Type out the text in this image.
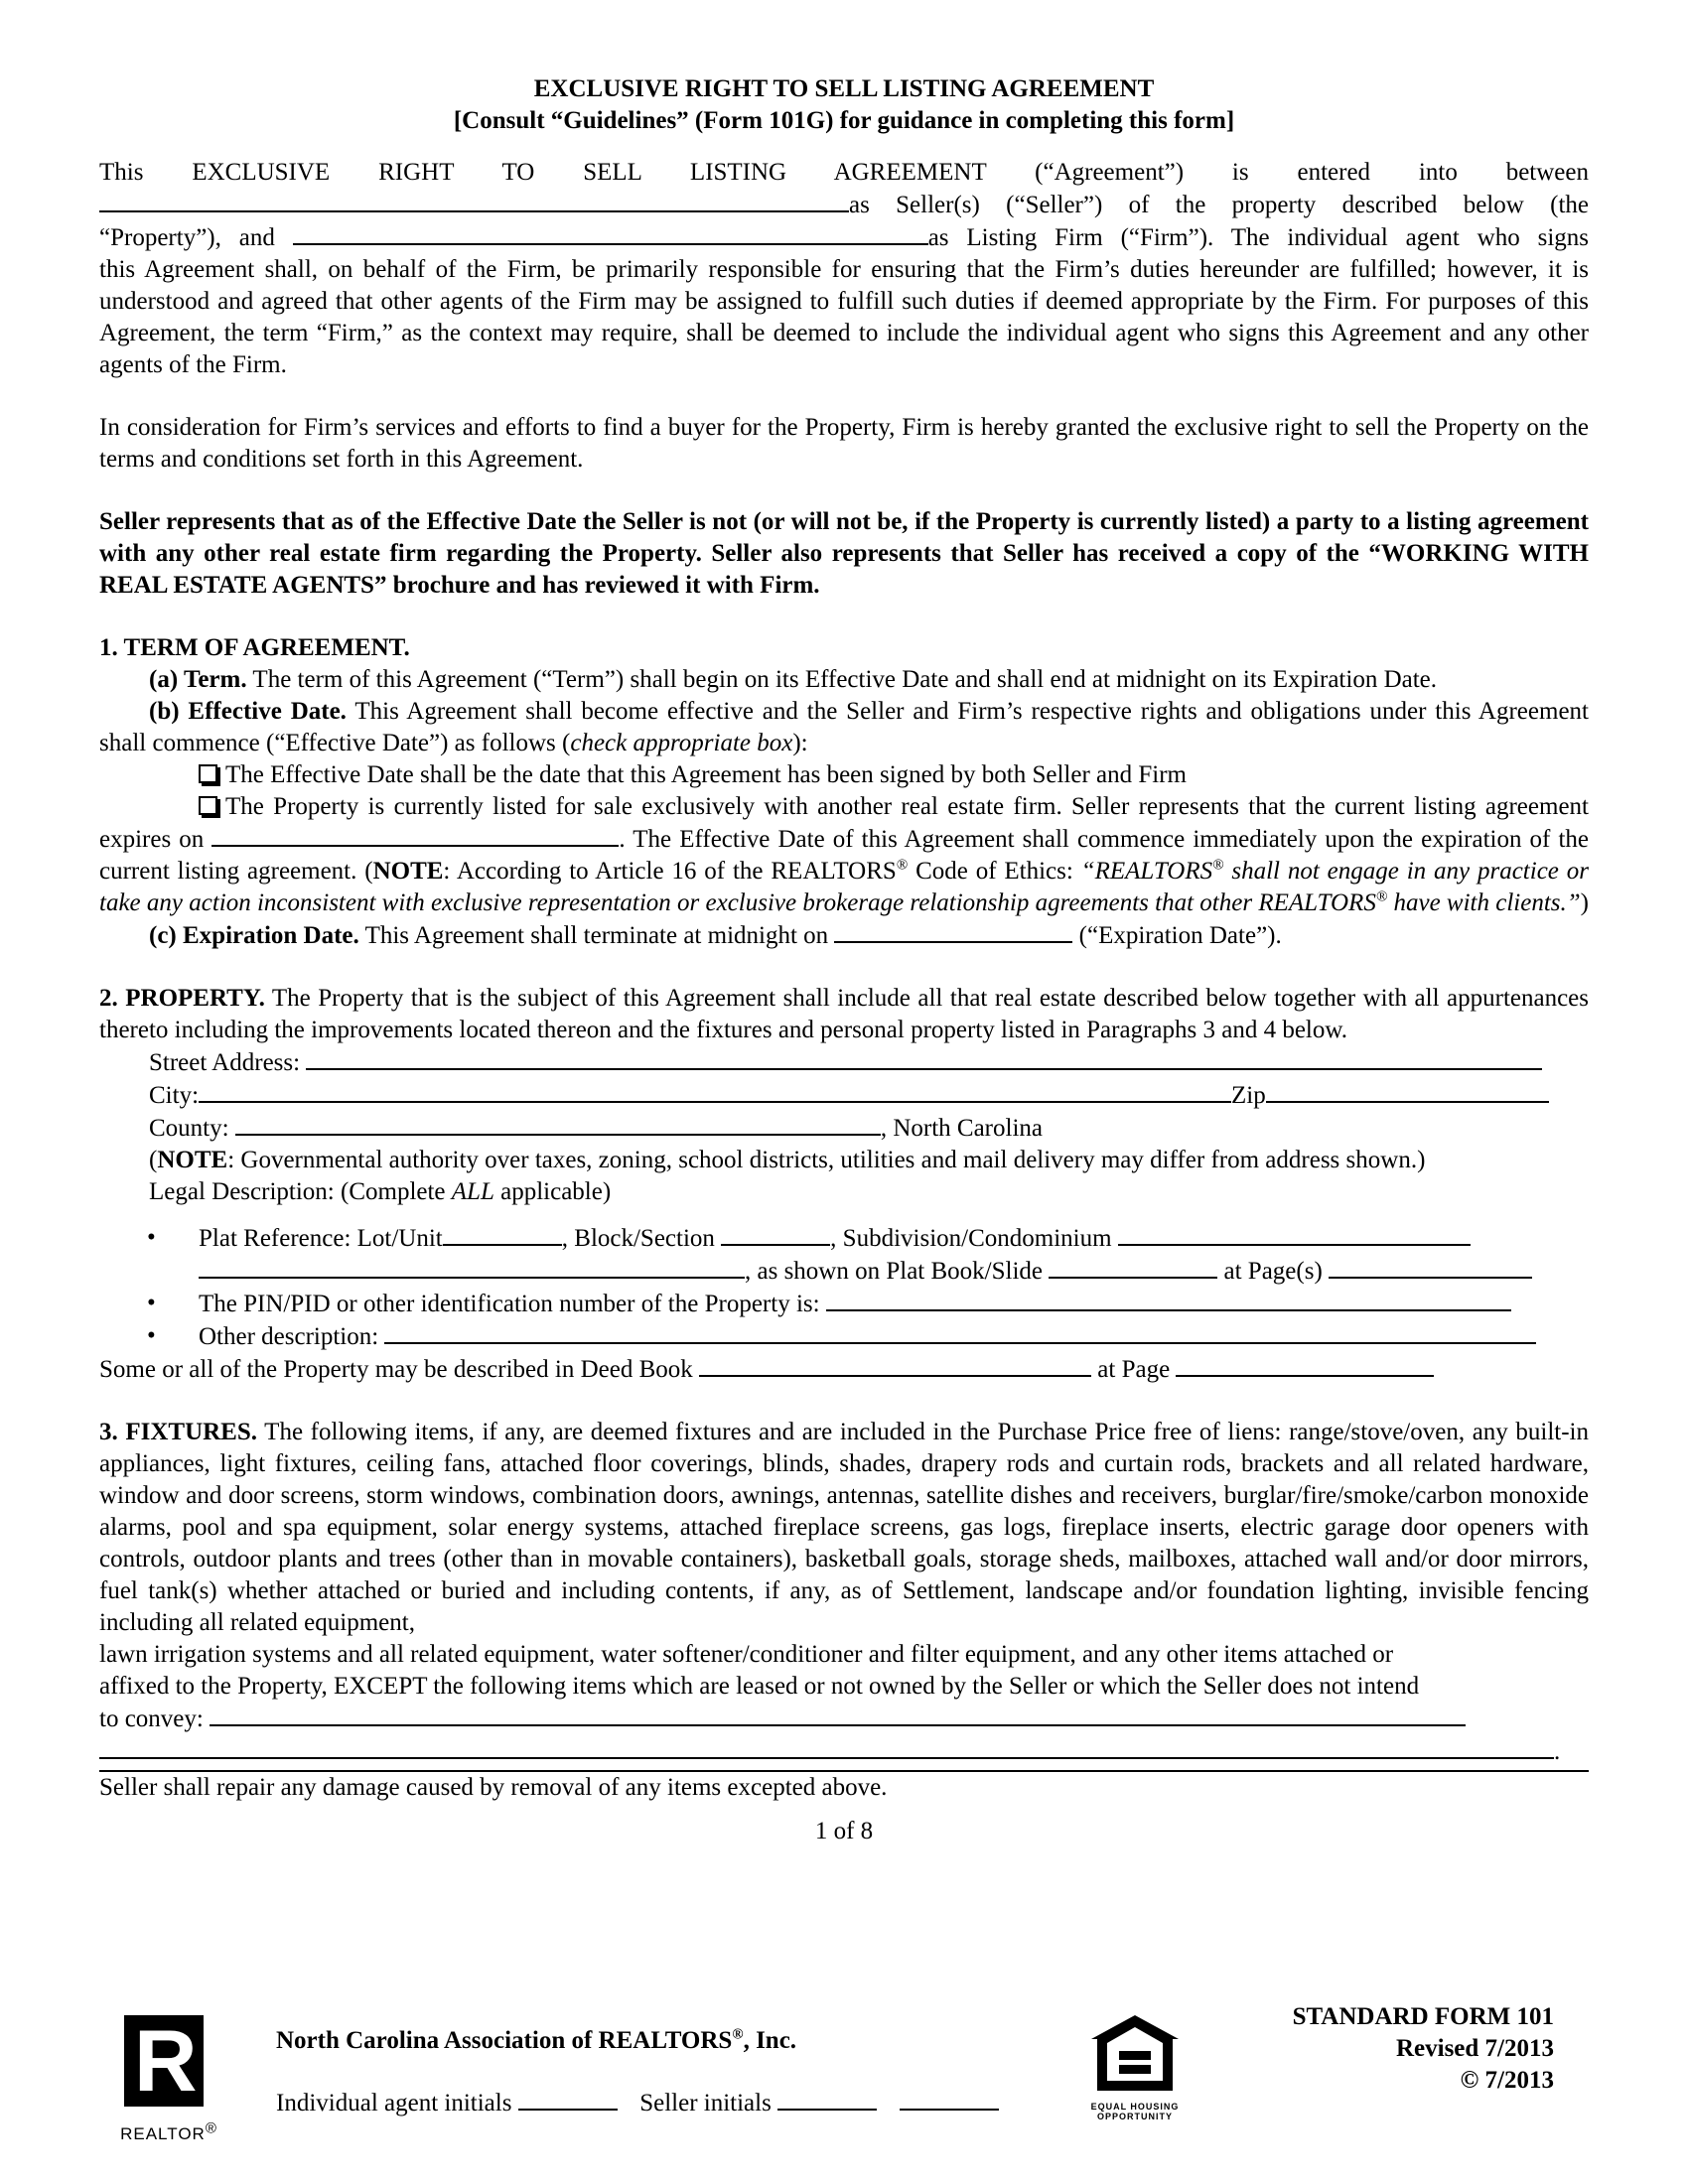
EXCLUSIVE RIGHT TO SELL LISTING AGREEMENT

[Consult “Guidelines” (Form 101G) for guidance in completing this form]

This EXCLUSIVE RIGHT TO SELL LISTING AGREEMENT (“Agreement”) is entered into between

as Seller(s) (“Seller”) of the property described below (the

“Property”), and	as Listing Firm (“Firm”). The individual agent who signs

this Agreement shall, on behalf of the Firm, be primarily responsible for ensuring that the Firm’s duties hereunder are fulfilled; however, it is understood and agreed that other agents of the Firm may be assigned to fulfill such duties if deemed appropriate by the Firm. For purposes of this Agreement, the term “Firm,” as the context may require, shall be deemed to include the individual agent who signs this Agreement and any other agents of the Firm.

In consideration for Firm’s services and efforts to find a buyer for the Property, Firm is hereby granted the exclusive right to sell the Property on the terms and conditions set forth in this Agreement.

Seller represents that as of the Effective Date the Seller is not (or will not be, if the Property is currently listed) a party to a listing agreement with any other real estate firm regarding the Property. Seller also represents that Seller has received a copy of the “WORKING WITH REAL ESTATE AGENTS” brochure and has reviewed it with Firm.

1. TERM OF AGREEMENT.

(a) Term. The term of this Agreement (“Term”) shall begin on its Effective Date and shall end at midnight on its Expiration Date.

(b) Effective Date. This Agreement shall become effective and the Seller and Firm’s respective rights and obligations under this Agreement shall commence (“Effective Date”) as follows (check appropriate box):

The Effective Date shall be the date that this Agreement has been signed by both Seller and Firm

The Property is currently listed for sale exclusively with another real estate firm. Seller represents that the current listing agreement expires on	. The Effective Date of this Agreement shall commence immediately upon the expiration of the current listing agreement. (NOTE: According to Article 16 of the REALTORS® Code of Ethics: “REALTORS® shall not engage in any practice or take any action inconsistent with exclusive representation or exclusive brokerage relationship agreements that other REALTORS® have with clients.”)

(c) Expiration Date. This Agreement shall terminate at midnight on	(“Expiration Date”).

2. PROPERTY. The Property that is the subject of this Agreement shall include all that real estate described below together with all appurtenances thereto including the improvements located thereon and the fixtures and personal property listed in Paragraphs 3 and 4 below.

Street Address:

City:	Zip

County:	, North Carolina

(NOTE: Governmental authority over taxes, zoning, school districts, utilities and mail delivery may differ from address shown.)

Legal Description: (Complete ALL applicable)

• Plat Reference: Lot/Unit	, Block/Section	, Subdivision/Condominium

, as shown on Plat Book/Slide	at Page(s)

• The PIN/PID or other identification number of the Property is:

• Other description:

Some or all of the Property may be described in Deed Book	at Page

3. FIXTURES. The following items, if any, are deemed fixtures and are included in the Purchase Price free of liens: range/stove/oven, any built-in appliances, light fixtures, ceiling fans, attached floor coverings, blinds, shades, drapery rods and curtain rods, brackets and all related hardware, window and door screens, storm windows, combination doors, awnings, antennas, satellite dishes and receivers, burglar/fire/smoke/carbon monoxide alarms, pool and spa equipment, solar energy systems, attached fireplace screens, gas logs, fireplace inserts, electric garage door openers with controls, outdoor plants and trees (other than in movable containers), basketball goals, storage sheds, mailboxes, attached wall and/or door mirrors, fuel tank(s) whether attached or buried and including contents, if any, as of Settlement, landscape and/or foundation lighting, invisible fencing including all related equipment,

lawn irrigation systems and all related equipment, water softener/conditioner and filter equipment, and any other items attached or

affixed to the Property, EXCEPT the following items which are leased or not owned by the Seller or which the Seller does not intend

to convey:

.

Seller shall repair any damage caused by removal of any items excepted above.

1 of 8

R
REALTOR®
North Carolina Association of REALTORS®, Inc.
Individual agent initials	Seller initials	EQUAL HOUSING
OPPORTUNITY

STANDARD FORM 101

Revised 7/2013

© 7/2013
